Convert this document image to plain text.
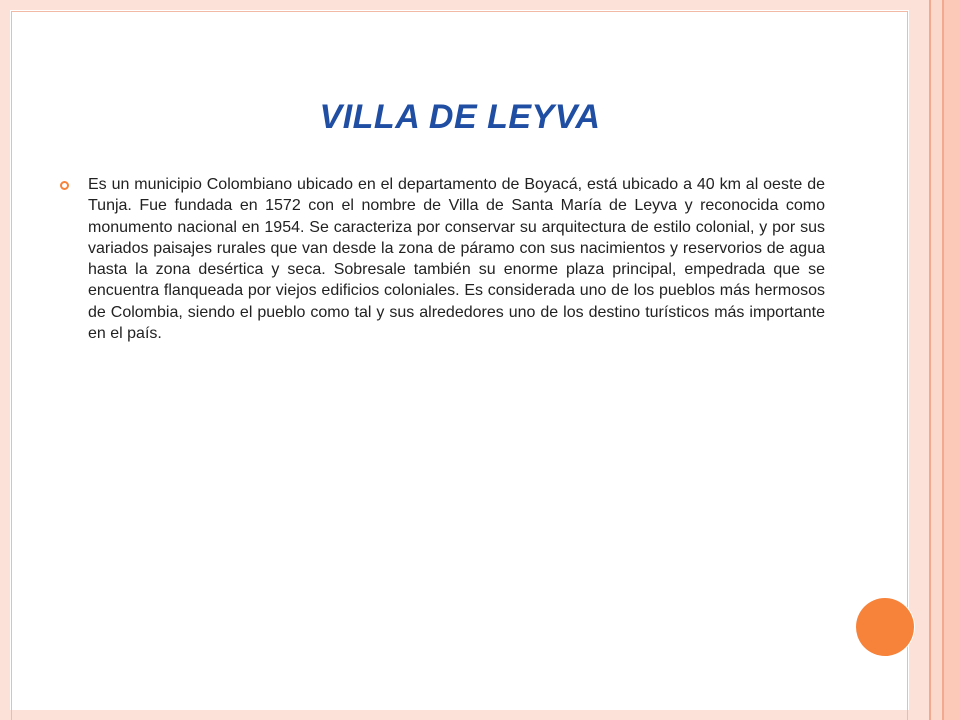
VILLA DE LEYVA

Es un municipio Colombiano ubicado en el departamento de Boyacá, está ubicado a 40 km al oeste de Tunja. Fue fundada en 1572 con el nombre de Villa de Santa María de Leyva y reconocida como monumento nacional en 1954. Se caracteriza por conservar su arquitectura de estilo colonial, y por sus variados paisajes rurales que van desde la zona de páramo con sus nacimientos y reservorios de agua hasta la zona desértica y seca. Sobresale también su enorme plaza principal, empedrada que se encuentra flanqueada por viejos edificios coloniales. Es considerada uno de los pueblos más hermosos de Colombia, siendo el pueblo como tal y sus alrededores uno de los destino turísticos más importante en el país.
